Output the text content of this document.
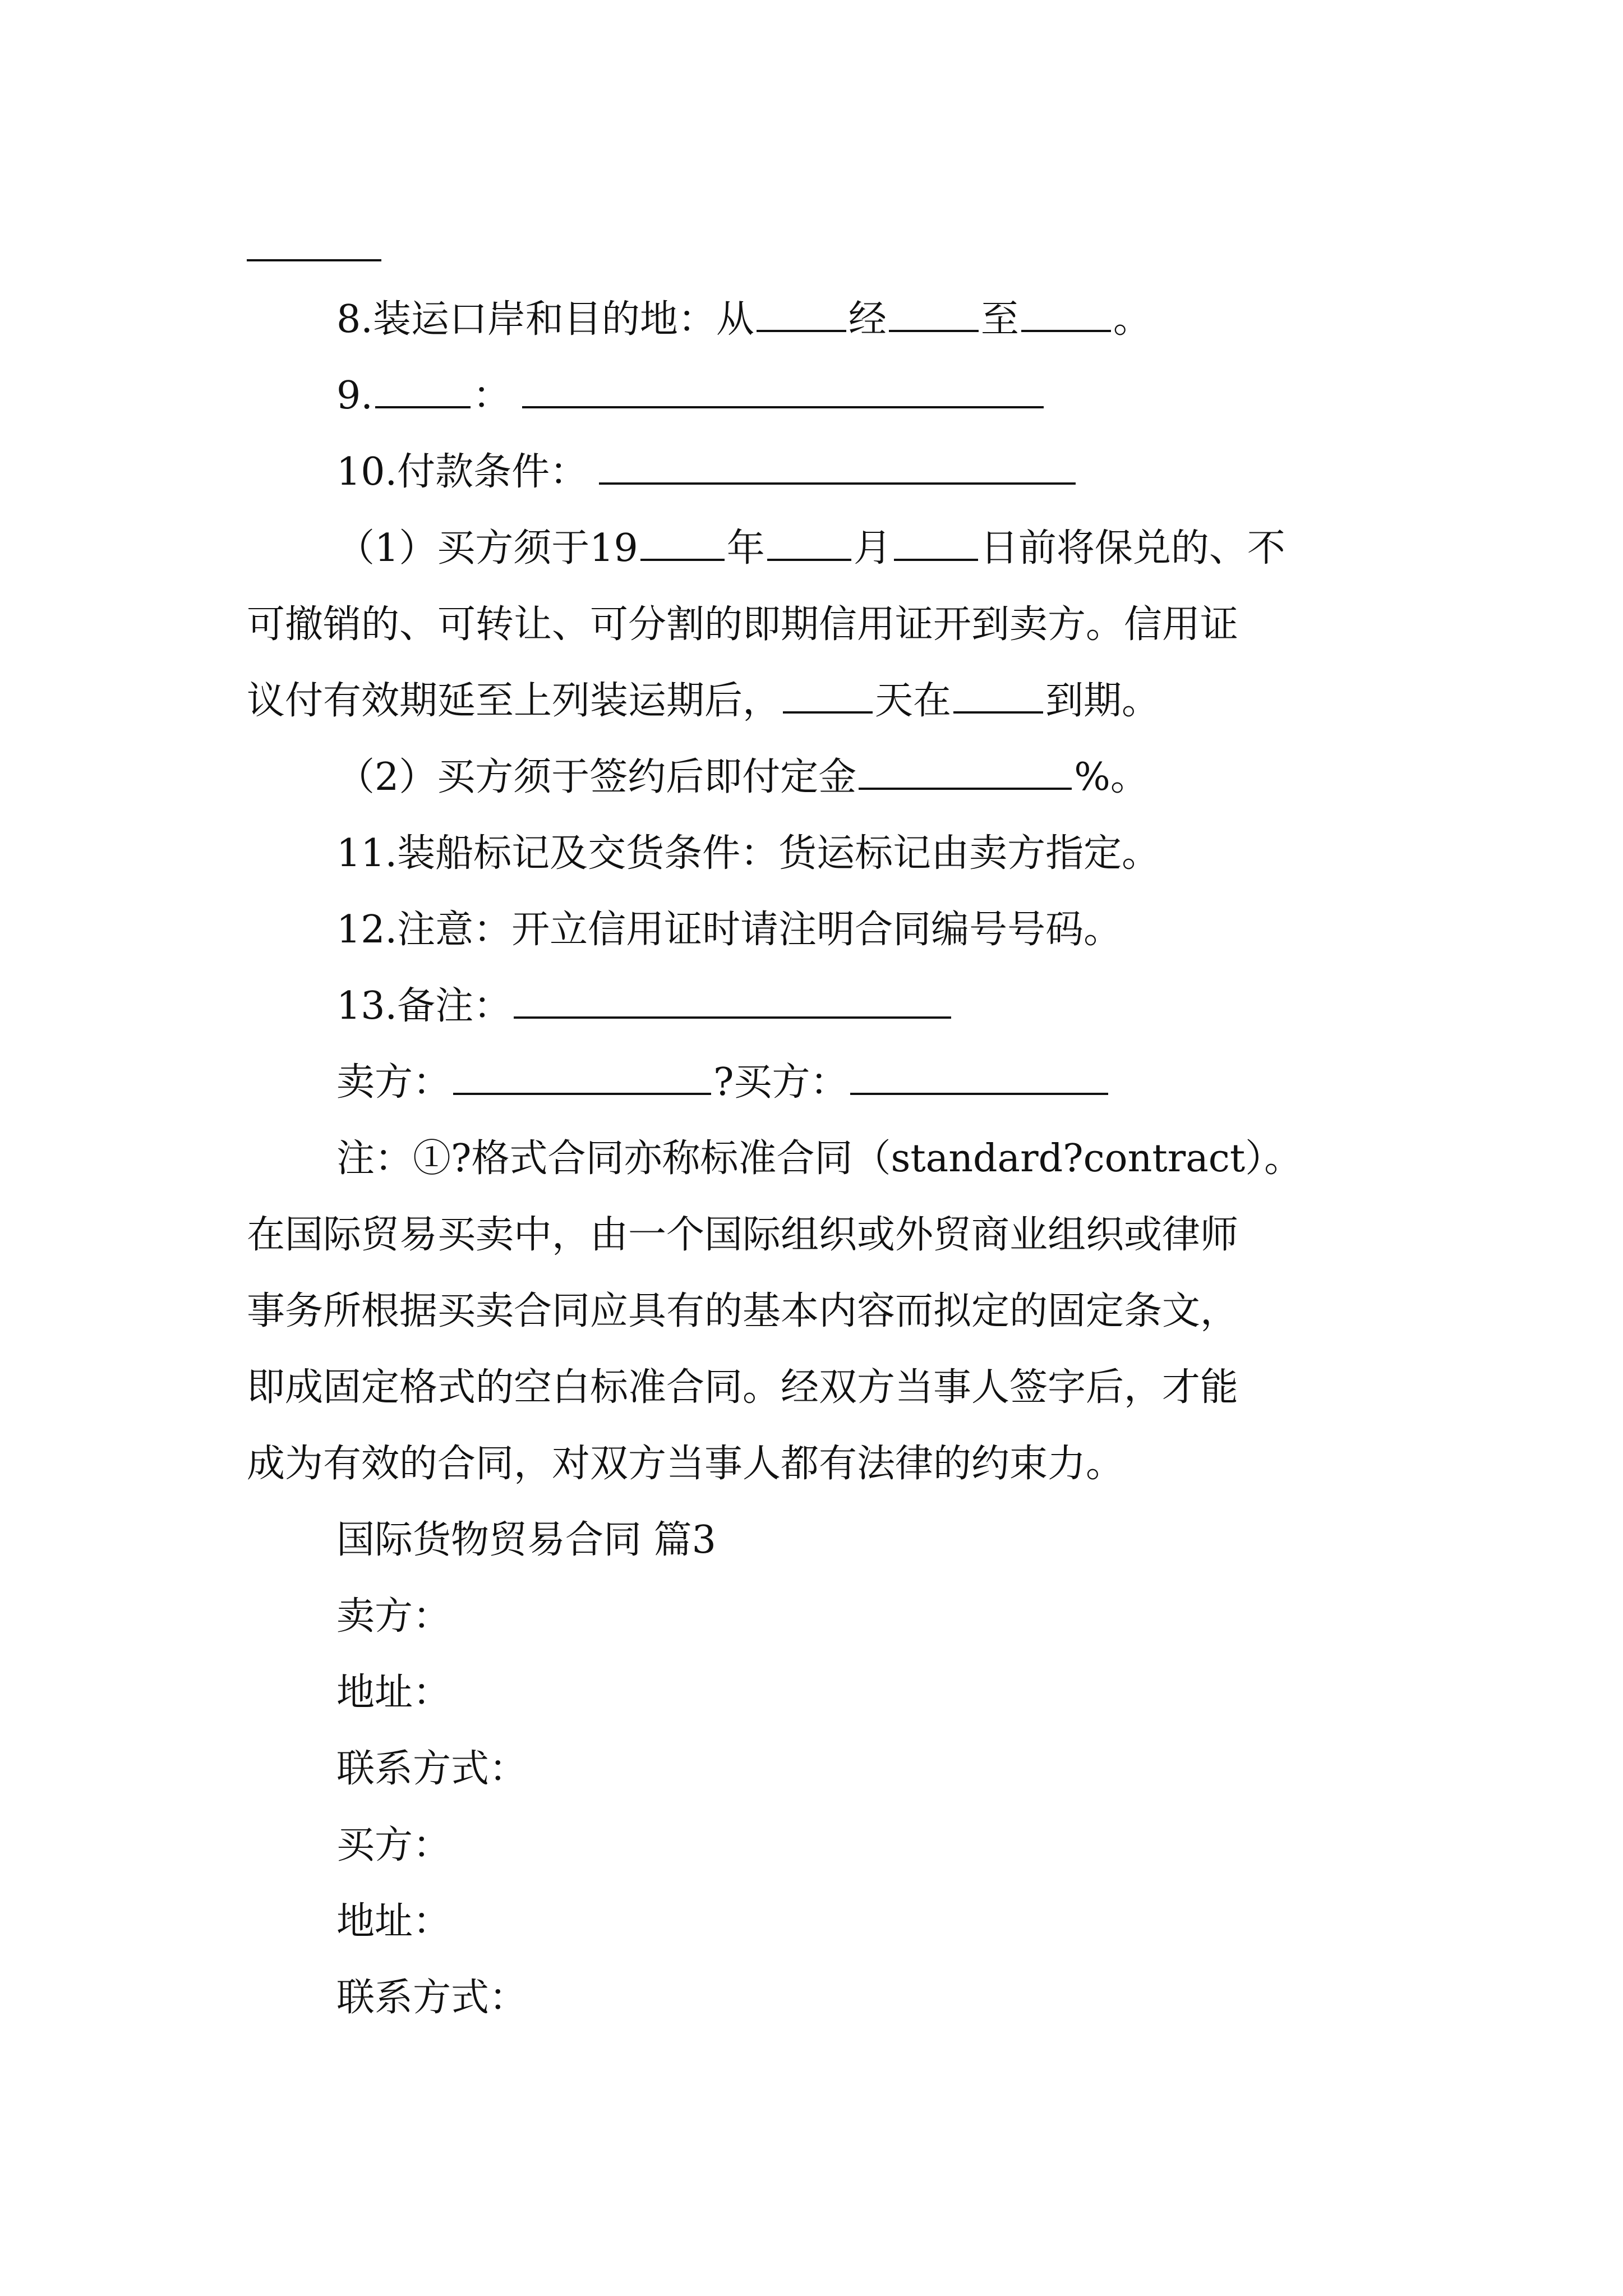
8.装运口岸和目的地：从 经 至 。
9.	：
10.付款条件：
（1）买方须于19 年 月 日前将保兑的、不
可撤销的、可转让、可分割的即期信用证开到卖方。信用证
议付有效期延至上列装运期后， 天在 到期。
（2）买方须于签约后即付定金	%。
11.装船标记及交货条件：货运标记由卖方指定。
12.注意：开立信用证时请注明合同编号号码。
13.备注：
卖方：	?买方：
注：①?格式合同亦称标准合同（standard?contract）。
在国际贸易买卖中，由一个国际组织或外贸商业组织或律师
事务所根据买卖合同应具有的基本内容而拟定的固定条文，
即成固定格式的空白标准合同。经双方当事人签字后，才能
成为有效的合同，对双方当事人都有法律的约束力。
国际货物贸易合同 篇3
卖方：
地址：
联系方式：
买方：
地址：
联系方式：
